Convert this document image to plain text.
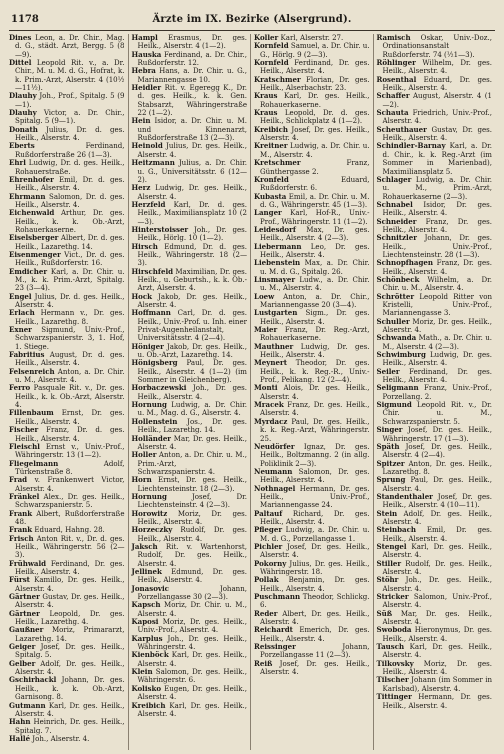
1178	Ärzte im IX. Bezirke (Alsergrund).

Dines Leon, a. Dr. Chir., Mag. d. G., städt. Arzt, Bergg. 5 (8—9).

Dittel Leopold Rit. v., a. Dr. Chir., M. u. M. d. G., Hofrat, k. k. Prim.-Arzt, Alserstr. 4 (10½—11½).

Dlauhy Joh., Prof., Spitalg. 5 (9—1).

Dlauhy Victor, a. Dr. Chir., Spitalg. 5 (9—1).

Donath Julius, Dr. d. ges. Heilk., Alserstr. 4.

Eberts Ferdinand, Rußdorferstraße 26 (1—3).

Ehrl Ludwig, Dr. d. ges. Heilk., Rohauerstraße.

Ehrenhofer Emil, Dr. d. ges. Heilk., Alserstr. 4.

Ehrmann Salomon, Dr. d. ges. Heilk., Alserstr. 4.

Eichenwald Arthur, Dr. ges. Heilk., k. k. Ob.-Arzt, Rohauerkaserne.

Eiselsberger Albert, Dr. d. ges. Heilk., Lazarethg. 14.

Eisenmenger Vict., Dr. d. ges. Heilk., Rußdorferstr. 16.

Emdicher Karl, a. Dr. Chir. u. M., k. k. Prim.-Arzt, Spitalg. 23 (3—4).

Engel Julius, Dr. d. ges. Heilk., Alserstr. 4.

Erlach Hermann v., Dr. ges. Heilk., Lazarethg. 8.

Exner Sigmund, Univ.-Prof., Schwarzspanierstr. 3, 1. Hof, 1. Stiege.

Fabritius August, Dr. d. ges. Heilk., Alserstr. 4.

Felsenreich Anton, a. Dr. Chir. u. M., Alserstr. 4.

Ferro Pasquale Rit. v., Dr. ges. Heilk., k. k. Ob.-Arzt, Alserstr. 4.

Fillenbaum Ernst, Dr. ges. Heilk., Alserstr. 4.

Fischer Franz, Dr. d. ges. Heilk., Alserstr. 4.

Fleischl Ernst v., Univ.-Prof., Währingerstr. 13 (1—2).

Fliegelmann Adolf, Türkenstraße 8.

Frad v. Frankenwert Victor, Alserstr. 4.

Fränkel Alex., Dr. ges. Heilk., Schwarzspanierstr. 5.

Frank Albert, Rußdorferstraße 48.

Frank Eduard, Hahng. 28.

Frisch Anton Rit. v., Dr. d. ges. Heilk., Währingerstr. 56 (2—3).

Frühwald Ferdinand, Dr. ges. Heilk., Alserstr. 4.

Fürst Kamillo, Dr. ges. Heilk., Alserstr. 4.

Gärtner Gustav, Dr. ges. Heilk., Alserstr. 4.

Gärtner Leopold, Dr. ges. Heilk., Lazarethg. 4.

Gaußner Moriz, Primararzt, Lazarethg. 14.

Geiger Josef, Dr. ges. Heilk., Spitalg. 5.

Gelber Adolf, Dr. ges. Heilk., Alserstr. 4.

Gschirhackl Johann, Dr. ges. Heilk., k. k. Ob.-Arzt, Garnisong. 8.

Gutmann Karl, Dr. ges. Heilk., Alserstr. 4.

Hahn Heinrich, Dr. ges. Heilk., Spitalg. 7.

Hallé Joh., Alserstr. 4.

Hampl Erasmus, Dr. ges. Heilk., Alserstr. 4 (1—2).

Hauska Ferdinand, a. Dr. Chir., Rußdorferstr. 12.

Hebra Hans, a. Dr. Chir. u. G., Mariannengasse 10.

Heidler Rit. v. Egeregg K., Dr. d. ges. Heilk., k. k. Gen. Stabsarzt, Währingerstraße 22 (1—2).

Hein Isidor, a. Dr. Chir. u. M. und Kinnenarzt, Rußdorferstraße 13 (2—3).

Heinold Julius, Dr. ges. Heilk., Alserstr. 4.

Heitzmann Julius, a. Dr. Chir. u. G., Universitätsstr. 6 (12—2).

Herz Ludwig, Dr. ges. Heilk., Alserstr. 4.

Herzfeld Karl, Dr. d. ges. Heilk., Maximiliansplatz 10 (2—3).

Hinterstoisser Joh., Dr. ges. Heilk., Hörlg. 10 (1—2).

Hirsch Edmund, Dr. d. ges. Heilk., Währingerstr. 18 (2—3).

Hirschfeld Maximilian, Dr. ges. Heilk., u. Geburtsh., k. k. Ob.-Arzt, Alserstr. 4.

Hock Jakob, Dr. ges. Heilk., Alserstr. 4.

Hoffmann Carl, Dr. d. ges. Heilk., Univ.-Prof. u. Inh. einer Privat-Augenheilanstalt, Universitätsstr. 4 (2—4).

Höniger Jakob, Dr. ges. Heilk., u. Ob.-Arzt, Lazarethg. 14.

Hönigsberg Paul, Dr. ges. Heilk., Alserstr. 4 (1—2) (im Sommer in Gleichenberg).

Horbaczewski Joh., Dr. ges. Heilk., Alserstr. 4.

Hornung Ludwig, a. Dr. Chir. u. M., Mag. d. G., Alserstr. 4.

Hollenstein Jos., Dr. ges. Heilk., Lazarethg. 14.

Holländer Mar, Dr. ges. Heilk., Alserstr. 4.

Holler Anton, a. Dr. Chir. u. M., Prim.-Arzt, Schwarzspanierstr. 4.

Horn Ernst, Dr. ges. Heilk., Liechtensteinstr. 18 (2—3).

Hornung Josef, Dr. Liechtensteinstr. 4 (2—3).

Horowitz Moriz, Dr. ges. Heilk., Alserstr. 4.

Horzeczky Rudolf, Dr. ges. Heilk., Alserstr. 4.

Jaksch Rit. v. Wartenhorst, Rudolf, Dr. ges. Heilk., Alserstr. 4.

Jellinek Edmund, Dr. ges. Heilk., Alserstr. 4.

Jonasovic Johann, Porzellangasse 30 (2—3).

Kapsch Moriz, Dr. Chir. u. M., Alserstr. 4.

Kaposi Moriz, Dr. ges. Heilk., Univ.-Prof., Alserstr. 4.

Karplus Joh., Dr. ges. Heilk., Währingerstr. 4.

Kienböck Karl, Dr. ges. Heilk., Alserstr. 4.

Klein Salomon, Dr. ges. Heilk., Währingerstr. 6.

Kolisko Eugen, Dr. ges. Heilk., Alserstr. 4.

Kreibich Karl, Dr. ges. Heilk., Alserstr. 4.

Koller Karl, Alserstr. 27.

Kornfeld Samuel, a. Dr. Chir. u. G., Hörlg. 9 (2—3).

Kornfeld Ferdinand, Dr. ges. Heilk., Alserstr. 4.

Kratschmer Florian, Dr. ges. Heilk., Alserbachstr. 23.

Kraus Karl, Dr. ges. Heilk., Rohauerkaserne.

Kraus Leopold, Dr. d. ges. Heilk., Schlickplatz 4 (1—2).

Kreibich Josef, Dr. ges. Heilk., Alserstr. 4.

Kreitner Ludwig, a. Dr. Chir. u. M., Alserstr. 4.

Kretschmer Franz, Günthergasse 2.

Kronfeld Eduard, Rußdorferstr. 6.

Kubasta Emil, a. Dr. Chir. u. M. d. G., Währingerstr. 45 (1—3).

Langer Karl, Hof-R., Univ.-Prof., Währingerstr. 11 (1—2).

Leidesdorf Max, Dr. ges. Heilk., Alserstr. 4 (2—3).

Liebermann Leo, Dr. ges. Heilk., Alserstr. 4.

Liebenstein Max, a. Dr. Chir. u. M. d. G., Spitalg. 26.

Linsmayer Ludw., a. Dr. Chir. u. M., Alserstr. 4.

Loew Anton, a. Dr. Chir., Mariannengasse 20 (3—4).

Lustgarten Sigm., Dr. ges. Heilk., Alserstr. 4.

Maier Franz, Dr. Reg.-Arzt, Rohauerkaserne.

Mauthner Ludwig, Dr. ges. Heilk., Alserstr. 4.

Meynert Theodor, Dr. ges. Heilk., k. k. Reg.-R., Univ.-Prof., Pelikang. 12 (2—4).

Monti Alois, Dr. ges. Heilk., Alserstr. 4.

Mracek Franz, Dr. ges. Heilk., Alserstr. 4.

Myrdacz Paul, Dr. ges. Heilk., k. k. Reg.-Arzt, Währingerstr. 25.

Neudörfer Ignaz, Dr. ges. Heilk., Boltzmanng. 2 (in allg. Poliklinik 2—3).

Neumann Salomon, Dr. ges. Heilk., Alserstr. 4.

Nothnagel Hermann, Dr. ges. Heilk., Univ.-Prof., Mariannengasse 24.

Paltauf Richard, Dr. ges. Heilk., Alserstr. 4.

Pfleger Ludwig, a. Dr. Chir. u. M. d. G., Porzellangasse 1.

Pichler Josef, Dr. ges. Heilk., Alserstr. 4.

Pokorny Julius, Dr. ges. Heilk., Währingerstr. 18.

Pollak Benjamin, Dr. ges. Heilk., Alserstr. 4.

Puschmann Theodor, Schlickg. 6.

Reder Albert, Dr. ges. Heilk., Alserstr. 4.

Reichardt Emerich, Dr. ges. Heilk., Alserstr. 4.

Reissinger Johann, Porzellangasse 11 (2—3).

Reiß Josef, Dr. ges. Heilk., Alserstr. 4.

Ramisch Oskar, Univ.-Doz., Ordinationsanstalt Rußdorferstr. 74 (½1—3).

Röhlinger Wilhelm, Dr. ges. Heilk., Alserstr. 4.

Rosenthal Eduard, Dr. ges. Heilk., Alserstr. 4.

Schaffer August, Alserstr. 4 (1—2).

Schauta Friedrich, Univ.-Prof., Alserstr. 4.

Scheuthauer Gustav, Dr. ges. Heilk., Alserstr. 4.

Schindler-Barnay Karl, a. Dr. d. Chir., k. k. Reg.-Arzt (im Sommer in Marienbad), Maximiliansplatz 5.

Schlager Ludwig, a. Dr. Chir. u. M., Prim.-Arzt, Rohauerkaserne (2—3).

Schnabel Isidor, Dr. ges. Heilk., Alserstr. 4.

Schneider Franz, Dr. ges. Heilk., Alserstr. 4.

Schnitzler Johann, Dr. ges. Heilk., Univ.-Prof., Liechtensteinstr. 28 (1—3).

Schnopfhagen Franz, Dr. ges. Heilk., Alserstr. 4.

Schönbeck Wilhelm, a. Dr. Chir. u. M., Alserstr. 4.

Schrötter Leopold Ritter von Kristelli, Univ.-Prof., Mariannengasse 3.

Schuller Moriz, Dr. ges. Heilk., Alserstr. 4.

Schwanda Math., a. Dr. Chir. u. M., Alserstr. 4 (2—3).

Schwimburg Ludwig, Dr. ges. Heilk., Alserstr. 4.

Seiler Ferdinand, Dr. ges. Heilk., Alserstr. 4.

Seligmann Franz, Univ.-Prof., Porzellang. 2.

Sigmund Leopold Rit. v., Dr. Chir. u. M., Schwarzspanierstr. 5.

Singer Josef, Dr. ges. Heilk., Währingerstr. 17 (1—3).

Späth Josef, Dr. ges. Heilk., Alserstr. 4 (2—4).

Spitzer Anton, Dr. ges. Heilk., Lazarethg. 8.

Sprung Paul, Dr. ges. Heilk., Alserstr. 4.

Standenthaler Josef, Dr. ges. Heilk., Alserstr. 4 (10—11).

Stein Adolf, Dr. ges. Heilk., Alserstr. 4.

Steinbach Emil, Dr. ges. Heilk., Alserstr. 4.

Stengel Karl, Dr. ges. Heilk., Alserstr. 4.

Stiller Rudolf, Dr. ges. Heilk., Alserstr. 4.

Stöhr Joh., Dr. ges. Heilk., Alserstr. 4.

Stricker Salomon, Univ.-Prof., Alserstr. 4.

Süß Mar, Dr. ges. Heilk., Alserstr. 4.

Swoboda Hieronymus, Dr. ges. Heilk., Alserstr. 4.

Tausch Karl, Dr. ges. Heilk., Alserstr. 4.

Tilkovsky Moriz, Dr. ges. Heilk., Alserstr. 4.

Tilscher Johann (im Sommer in Karlsbad), Alserstr. 4.

Tittinger Hermann, Dr. ges. Heilk., Alserstr. 4.
